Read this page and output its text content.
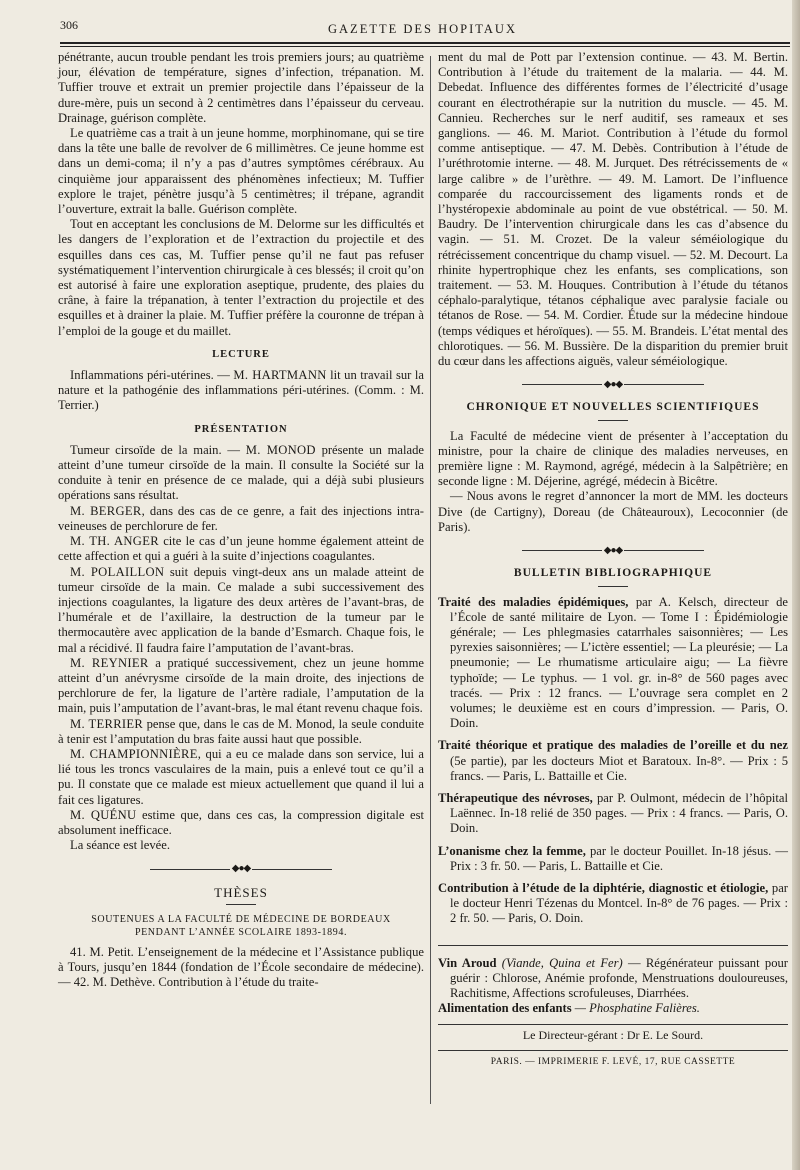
306	GAZETTE DES HOPITAUX

pénétrante, aucun trouble pendant les trois premiers jours; au quatrième jour, élévation de température, signes d’infection, trépanation. M. Tuffier trouve et extrait un premier projectile dans l’épaisseur de la dure-mère, puis un second à 2 centimètres dans l’épaisseur du cerveau. Drainage, guérison complète.

Le quatrième cas a trait à un jeune homme, morphinomane, qui se tire dans la tête une balle de revolver de 6 millimètres. Ce jeune homme est dans un demi-coma; il n’y a pas d’autres symptômes cérébraux. Au cinquième jour apparaissent des phénomènes infectieux; M. Tuffier explore le trajet, pénètre jusqu’à 5 centimètres; il trépane, agrandit l’ouverture, extrait la balle. Guérison complète.

Tout en acceptant les conclusions de M. Delorme sur les difficultés et les dangers de l’exploration et de l’extraction du projectile et des esquilles dans ces cas, M. Tuffier pense qu’il ne faut pas refuser systématiquement l’intervention chirurgicale à ces blessés; il croit qu’on est autorisé à faire une exploration aseptique, prudente, des plaies du crâne, à faire la trépanation, à tenter l’extraction du projectile et des esquilles et à drainer la plaie. M. Tuffier préfère la couronne de trépan à l’emploi de la gouge et du maillet.

LECTURE

Inflammations péri-utérines. — M. HARTMANN lit un travail sur la nature et la pathogénie des inflammations péri-utérines. (Comm. : M. Terrier.)

PRÉSENTATION

Tumeur cirsoïde de la main. — M. MONOD présente un malade atteint d’une tumeur cirsoïde de la main. Il consulte la Société sur la conduite à tenir en présence de ce malade, qui a déjà subi plusieurs opérations sans résultat.

M. BERGER, dans des cas de ce genre, a fait des injections intra-veineuses de perchlorure de fer.

M. TH. ANGER cite le cas d’un jeune homme également atteint de cette affection et qui a guéri à la suite d’injections coagulantes.

M. POLAILLON suit depuis vingt-deux ans un malade atteint de tumeur cirsoïde de la main. Ce malade a subi successivement des injections coagulantes, la ligature des deux artères de l’avant-bras, de l’humérale et de l’axillaire, la destruction de la tumeur par le thermocautère avec application de la bande d’Esmarch. Chaque fois, le mal a récidivé. Il faudra faire l’amputation de l’avant-bras.

M. REYNIER a pratiqué successivement, chez un jeune homme atteint d’un anévrysme cirsoïde de la main droite, des injections de perchlorure de fer, la ligature de l’artère radiale, l’amputation de la main, puis l’amputation de l’avant-bras, le mal étant revenu chaque fois.

M. TERRIER pense que, dans le cas de M. Monod, la seule conduite à tenir est l’amputation du bras faite aussi haut que possible.

M. CHAMPIONNIÈRE, qui a eu ce malade dans son service, lui a lié tous les troncs vasculaires de la main, puis a enlevé tout ce qu’il a pu. Il constate que ce malade est mieux actuellement que quand il lui a fait ces ligatures.

M. QUÉNU estime que, dans ces cas, la compression digitale est absolument inefficace.

La séance est levée.

◆●◆
THÈSES
SOUTENUES A LA FACULTÉ DE MÉDECINE DE BORDEAUX
PENDANT L’ANNÉE SCOLAIRE 1893-1894.

41. M. Petit. L’enseignement de la médecine et l’Assistance publique à Tours, jusqu’en 1844 (fondation de l’École secondaire de médecine). — 42. M. Dethève. Contribution à l’étude du traite-

ment du mal de Pott par l’extension continue. — 43. M. Bertin. Contribution à l’étude du traitement de la malaria. — 44. M. Debedat. Influence des différentes formes de l’électricité d’usage courant en électrothérapie sur la nutrition du muscle. — 45. M. Cannieu. Recherches sur le nerf auditif, ses rameaux et ses ganglions. — 46. M. Mariot. Contribution à l’étude du formol comme antiseptique. — 47. M. Debès. Contribution à l’étude de l’uréthrotomie interne. — 48. M. Jurquet. Des rétrécissements de « large calibre » de l’urèthre. — 49. M. Lamort. De l’influence comparée du raccourcissement des ligaments ronds et de l’hystéropexie abdominale au point de vue obstétrical. — 50. M. Baudry. De l’intervention chirurgicale dans les cas d’absence du vagin. — 51. M. Crozet. De la valeur séméiologique du rétrécissement concentrique du champ visuel. — 52. M. Decourt. La rhinite hypertrophique chez les enfants, ses complications, son traitement. — 53. M. Houques. Contribution à l’étude du tétanos céphalo-paralytique, tétanos céphalique avec paralysie faciale ou tétanos de Rose. — 54. M. Cordier. Étude sur la médecine hindoue (temps védiques et héroïques). — 55. M. Brandeis. L’état mental des chlorotiques. — 56. M. Bussière. De la disparition du premier bruit du cœur dans les affections aiguës, valeur séméiologique.

◆●◆
CHRONIQUE ET NOUVELLES SCIENTIFIQUES

La Faculté de médecine vient de présenter à l’acceptation du ministre, pour la chaire de clinique des maladies nerveuses, en première ligne : M. Raymond, agrégé, médecin à la Salpêtrière; en seconde ligne : M. Déjerine, agrégé, médecin à Bicêtre.

— Nous avons le regret d’annoncer la mort de MM. les docteurs Dive (de Cartigny), Doreau (de Châteauroux), Lecoconnier (de Paris).

◆●◆
BULLETIN BIBLIOGRAPHIQUE

Traité des maladies épidémiques, par A. Kelsch, directeur de l’École de santé militaire de Lyon. — Tome I : Épidémiologie générale; — Les phlegmasies catarrhales saisonnières; — Les pyrexies saisonnières; — L’ictère essentiel; — La pleurésie; — La pneumonie; — Le rhumatisme articulaire aigu; — La fièvre typhoïde; — Le typhus. — 1 vol. gr. in-8° de 560 pages avec tracés. — Prix : 12 francs. — L’ouvrage sera complet en 2 volumes; le deuxième est en cours d’impression. — Paris, O. Doin.

Traité théorique et pratique des maladies de l’oreille et du nez (5e partie), par les docteurs Miot et Baratoux. In-8°. — Prix : 5 francs. — Paris, L. Battaille et Cie.

Thérapeutique des névroses, par P. Oulmont, médecin de l’hôpital Laënnec. In-18 relié de 350 pages. — Prix : 4 francs. — Paris, O. Doin.

L’onanisme chez la femme, par le docteur Pouillet. In-18 jésus. — Prix : 3 fr. 50. — Paris, L. Battaille et Cie.

Contribution à l’étude de la diphtérie, diagnostic et étiologie, par le docteur Henri Tézenas du Montcel. In-8° de 76 pages. — Prix : 2 fr. 50. — Paris, O. Doin.

Vin Aroud (Viande, Quina et Fer) — Régénérateur puissant pour guérir : Chlorose, Anémie profonde, Menstruations douloureuses, Rachitisme, Affections scrofuleuses, Diarrhées.

Alimentation des enfants — Phosphatine Falières.

Le Directeur-gérant : Dr E. Le Sourd.
PARIS. — IMPRIMERIE F. LEVÉ, 17, RUE CASSETTE
